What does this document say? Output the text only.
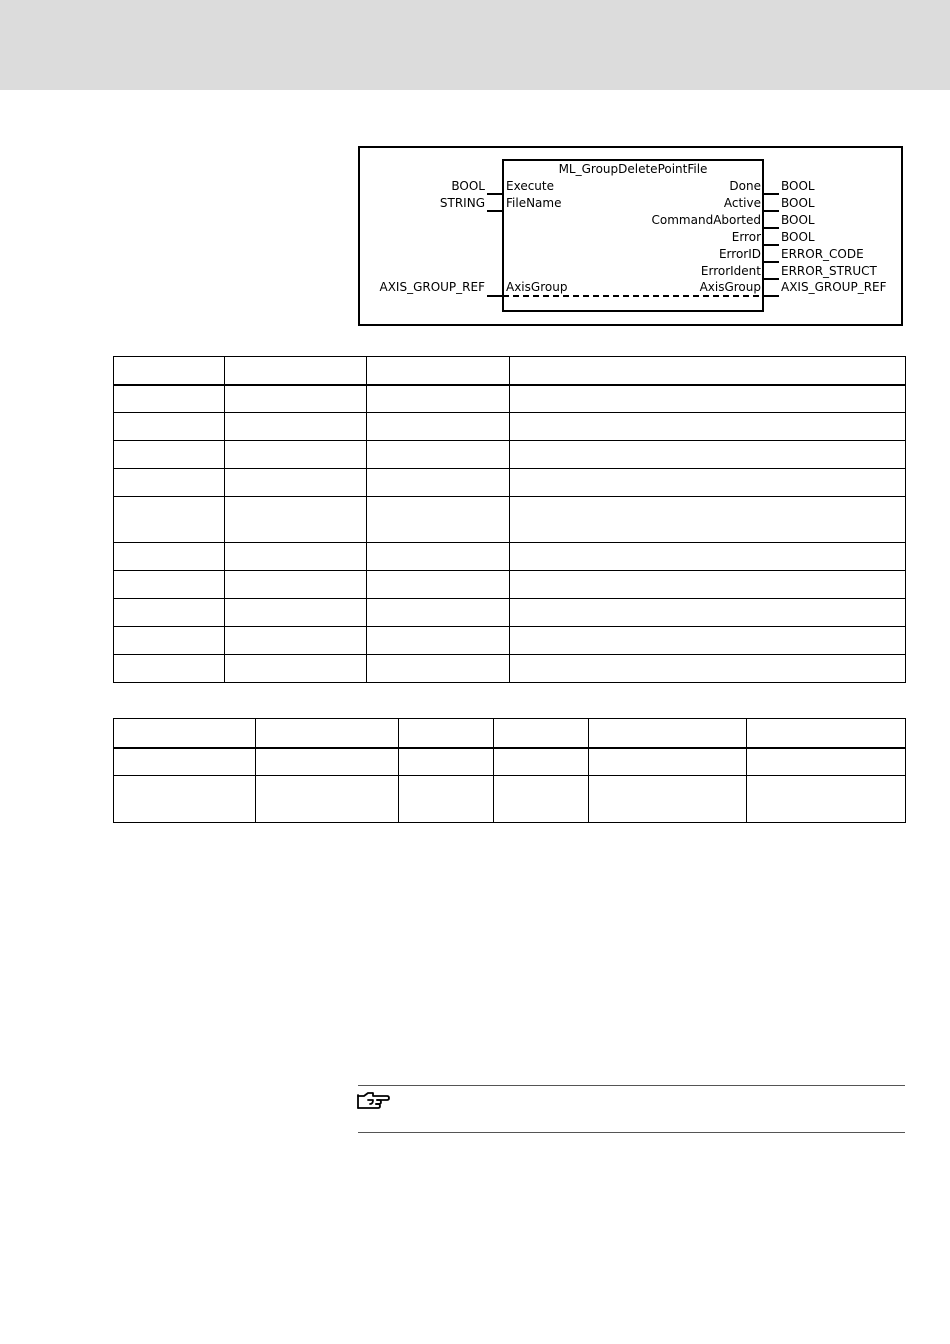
ML_GroupDeletePointFile
BOOL
STRING
AXIS_GROUP_REF
Execute
FileName
AxisGroup
Done
Active
CommandAborted
Error
ErrorID
ErrorIdent
AxisGroup
BOOL
BOOL
BOOL
BOOL
ERROR_CODE
ERROR_STRUCT
AXIS_GROUP_REF
